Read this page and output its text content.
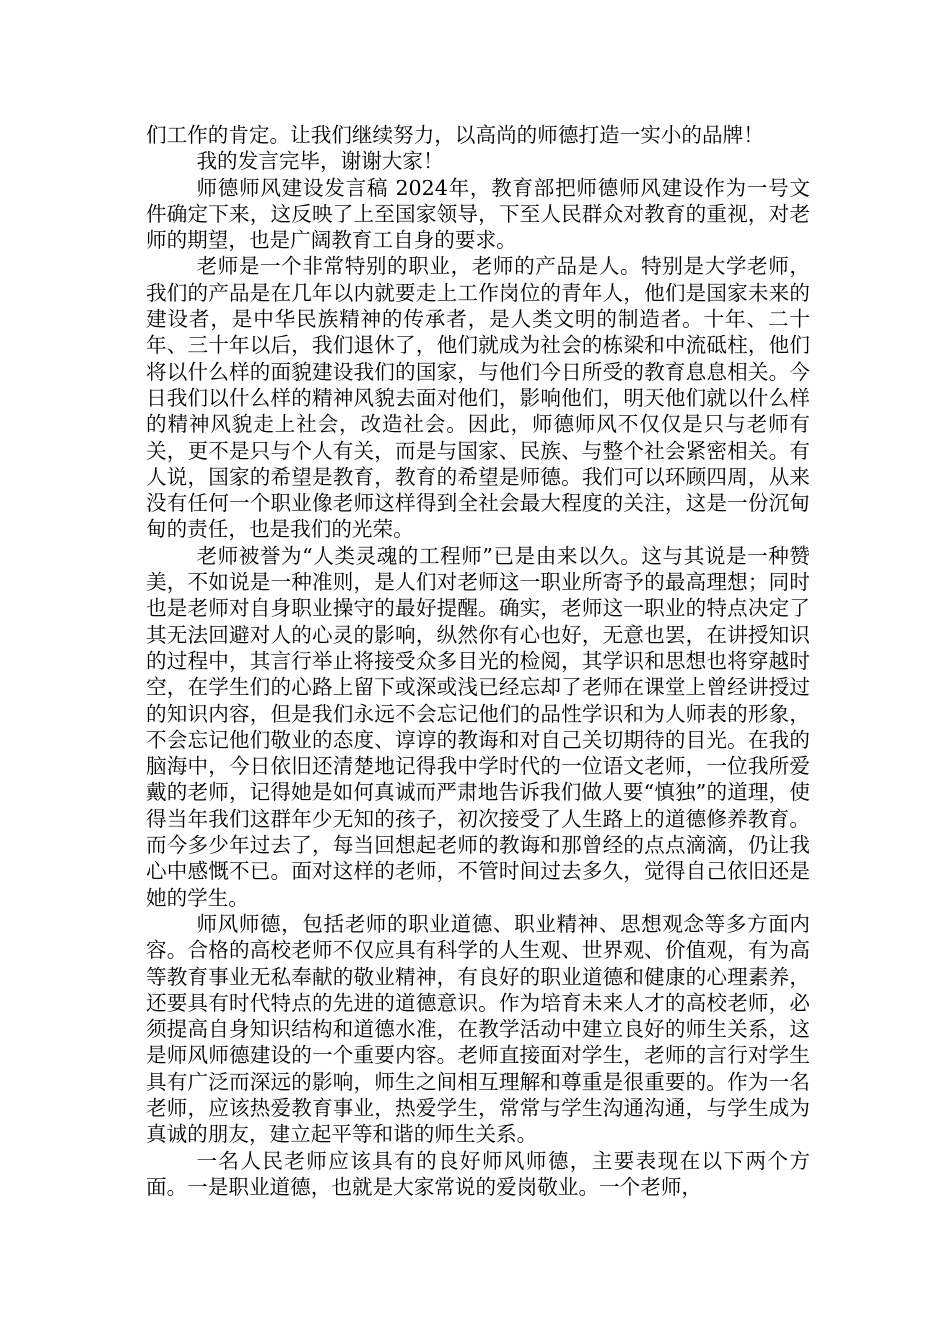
们工作的肯定。让我们继续努力，以高尚的师德打造一实小的品牌！

我的发言完毕，谢谢大家！

师德师风建设发言稿 2024年，教育部把师德师风建设作为一号文件确定下来，这反映了上至国家领导，下至人民群众对教育的重视，对老师的期望，也是广阔教育工自身的要求。

老师是一个非常特别的职业，老师的产品是人。特别是大学老师，我们的产品是在几年以内就要走上工作岗位的青年人，他们是国家未来的建设者，是中华民族精神的传承者，是人类文明的制造者。十年、二十年、三十年以后，我们退休了，他们就成为社会的栋梁和中流砥柱，他们将以什么样的面貌建设我们的国家，与他们今日所受的教育息息相关。今日我们以什么样的精神风貌去面对他们，影响他们，明天他们就以什么样的精神风貌走上社会，改造社会。因此，师德师风不仅仅是只与老师有关，更不是只与个人有关，而是与国家、民族、与整个社会紧密相关。有人说，国家的希望是教育，教育的希望是师德。我们可以环顾四周，从来没有任何一个职业像老师这样得到全社会最大程度的关注，这是一份沉甸甸的责任，也是我们的光荣。

老师被誉为“人类灵魂的工程师”已是由来以久。这与其说是一种赞美，不如说是一种准则，是人们对老师这一职业所寄予的最高理想；同时也是老师对自身职业操守的最好提醒。确实，老师这一职业的特点决定了其无法回避对人的心灵的影响，纵然你有心也好，无意也罢，在讲授知识的过程中，其言行举止将接受众多目光的检阅，其学识和思想也将穿越时空，在学生们的心路上留下或深或浅已经忘却了老师在课堂上曾经讲授过的知识内容，但是我们永远不会忘记他们的品性学识和为人师表的形象，不会忘记他们敬业的态度、谆谆的教诲和对自己关切期待的目光。在我的脑海中，今日依旧还清楚地记得我中学时代的一位语文老师，一位我所爱戴的老师，记得她是如何真诚而严肃地告诉我们做人要“慎独”的道理，使得当年我们这群年少无知的孩子，初次接受了人生路上的道德修养教育。而今多少年过去了，每当回想起老师的教诲和那曾经的点点滴滴，仍让我心中感慨不已。面对这样的老师，不管时间过去多久，觉得自己依旧还是她的学生。

师风师德，包括老师的职业道德、职业精神、思想观念等多方面内容。合格的高校老师不仅应具有科学的人生观、世界观、价值观，有为高等教育事业无私奉献的敬业精神，有良好的职业道德和健康的心理素养，还要具有时代特点的先进的道德意识。作为培育未来人才的高校老师，必须提高自身知识结构和道德水准，在教学活动中建立良好的师生关系，这是师风师德建设的一个重要内容。老师直接面对学生，老师的言行对学生具有广泛而深远的影响，师生之间相互理解和尊重是很重要的。作为一名老师，应该热爱教育事业，热爱学生，常常与学生沟通沟通，与学生成为真诚的朋友，建立起平等和谐的师生关系。

一名人民老师应该具有的良好师风师德，主要表现在以下两个方面。一是职业道德，也就是大家常说的爱岗敬业。一个老师，
